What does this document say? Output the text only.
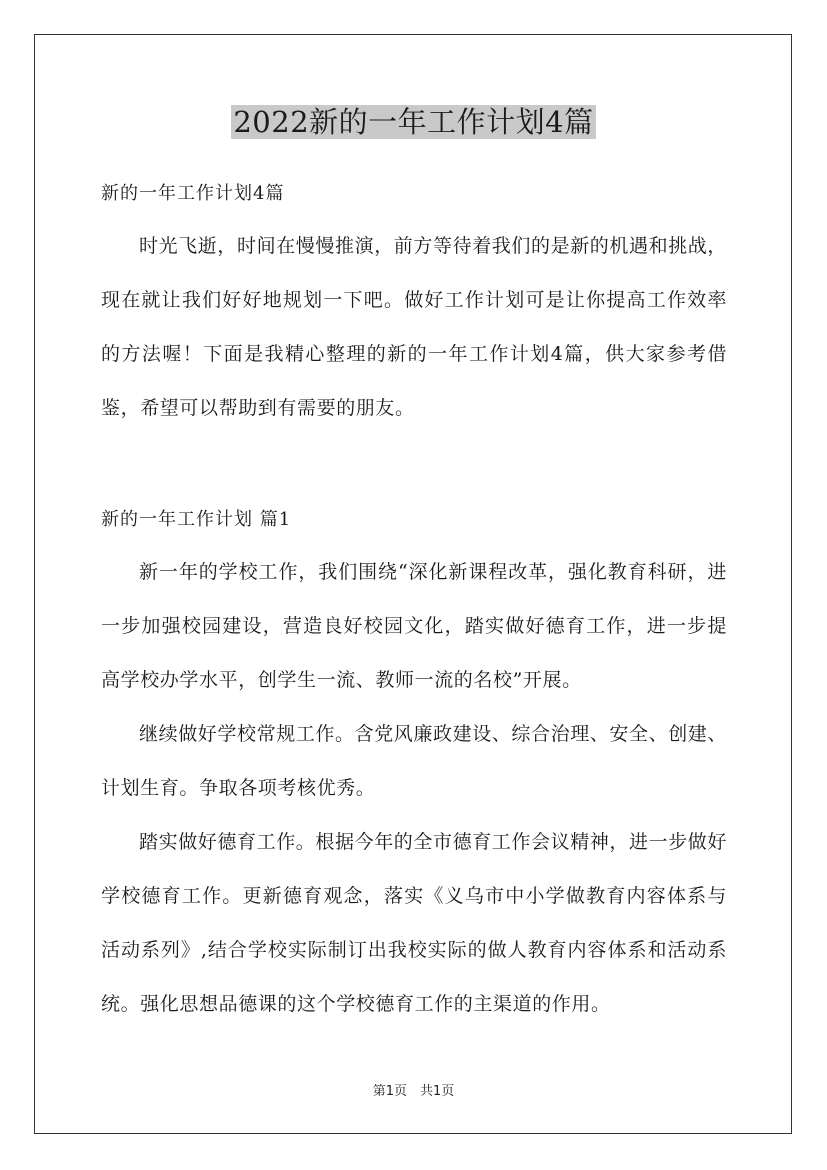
2022新的一年工作计划4篇
新的一年工作计划4篇
时光飞逝，时间在慢慢推演，前方等待着我们的是新的机遇和挑战，现在就让我们好好地规划一下吧。做好工作计划可是让你提高工作效率的方法喔！下面是我精心整理的新的一年工作计划4篇，供大家参考借鉴，希望可以帮助到有需要的朋友。
新的一年工作计划 篇1
新一年的学校工作，我们围绕“深化新课程改革，强化教育科研，进一步加强校园建设，营造良好校园文化，踏实做好德育工作，进一步提高学校办学水平，创学生一流、教师一流的名校”开展。
继续做好学校常规工作。含党风廉政建设、综合治理、安全、创建、计划生育。争取各项考核优秀。
踏实做好德育工作。根据今年的全市德育工作会议精神，进一步做好学校德育工作。更新德育观念，落实《义乌市中小学做教育内容体系与活动系列》,结合学校实际制订出我校实际的做人教育内容体系和活动系统。强化思想品德课的这个学校德育工作的主渠道的作用。
第1页　共1页
